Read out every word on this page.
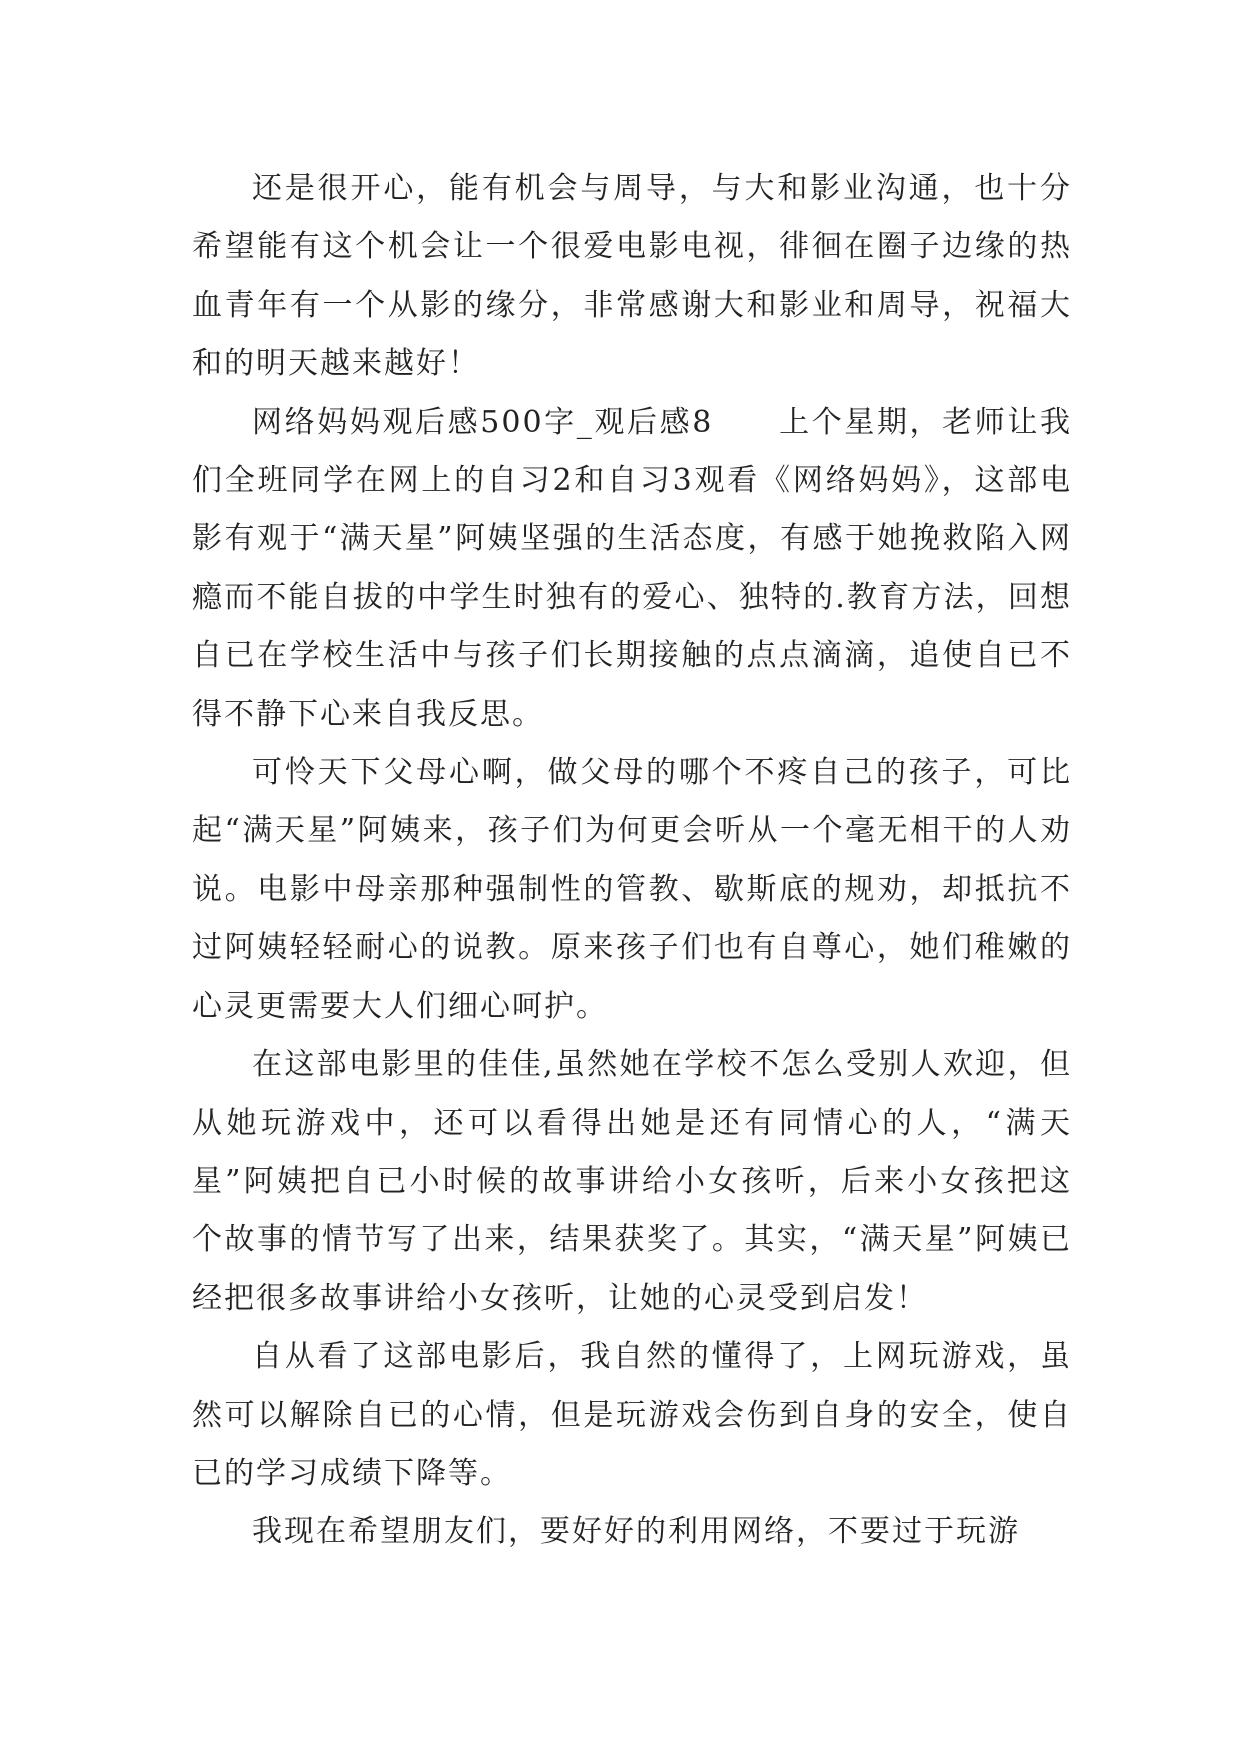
还是很开心，能有机会与周导，与大和影业沟通，也十分希望能有这个机会让一个很爱电影电视，徘徊在圈子边缘的热血青年有一个从影的缘分，非常感谢大和影业和周导，祝福大和的明天越来越好！

网络妈妈观后感500字_观后感8　　上个星期，老师让我们全班同学在网上的自习2和自习3观看《网络妈妈》，这部电影有观于“满天星”阿姨坚强的生活态度，有感于她挽救陷入网瘾而不能自拔的中学生时独有的爱心、独特的.教育方法，回想自已在学校生活中与孩子们长期接触的点点滴滴，追使自已不得不静下心来自我反思。

可怜天下父母心啊，做父母的哪个不疼自己的孩子，可比起“满天星”阿姨来，孩子们为何更会听从一个毫无相干的人劝说。电影中母亲那种强制性的管教、歇斯底的规劝，却抵抗不过阿姨轻轻耐心的说教。原来孩子们也有自尊心，她们稚嫩的心灵更需要大人们细心呵护。

在这部电影里的佳佳,虽然她在学校不怎么受别人欢迎，但从她玩游戏中，还可以看得出她是还有同情心的人，“满天星”阿姨把自已小时候的故事讲给小女孩听，后来小女孩把这个故事的情节写了出来，结果获奖了。其实，“满天星”阿姨已经把很多故事讲给小女孩听，让她的心灵受到启发！

自从看了这部电影后，我自然的懂得了，上网玩游戏，虽然可以解除自已的心情，但是玩游戏会伤到自身的安全，使自已的学习成绩下降等。

我现在希望朋友们，要好好的利用网络，不要过于玩游
